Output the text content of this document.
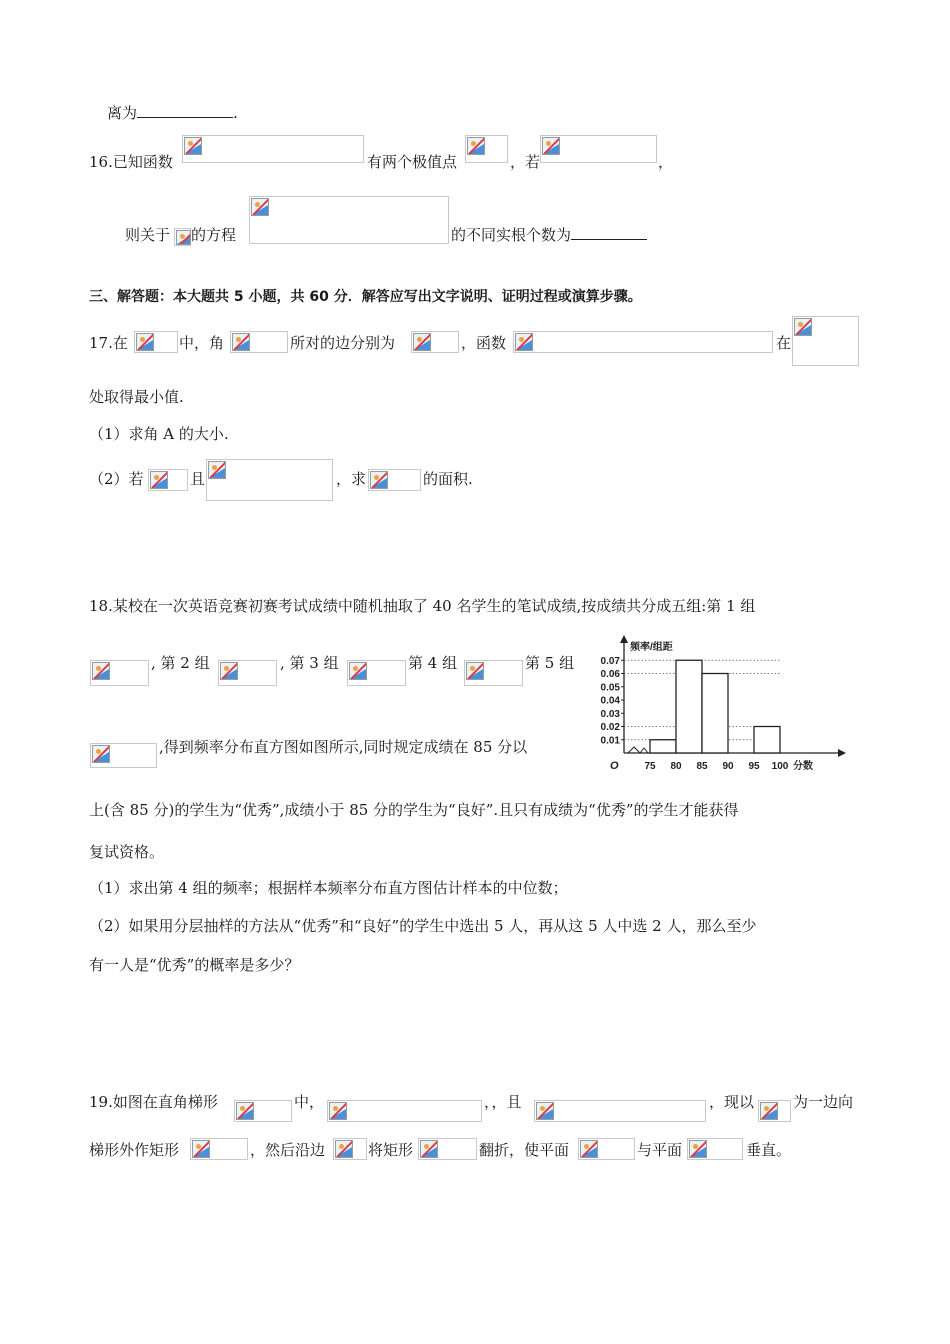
离为	.
16.已知函数	有两个极值点	，若	，
则关于 的方程	的不同实根个数为
三、解答题：本大题共 5 小题，共 60 分．解答应写出文字说明、证明过程或演算步骤。
17.在	中，角	所对的边分别为	，函数	在
处取得最小值.
（1）求角 A 的大小.
（2）若	且	，求	的面积.
18.某校在一次英语竞赛初赛考试成绩中随机抽取了 40 名学生的笔试成绩,按成绩共分成五组:第 1 组
, 第 2 组	, 第 3 组	第 4 组	第 5 组
,得到频率分布直方图如图所示,同时规定成绩在 85 分以	0.01
0.02
0.03
0.04
0.05
0.06
0.07
75 80 85 90 95 100 分数
O
频率/组距
上(含 85 分)的学生为“优秀”,成绩小于 85 分的学生为“良好”.且只有成绩为“优秀”的学生才能获得
复试资格。
（1）求出第 4 组的频率；根据样本频率分布直方图估计样本的中位数；
（2）如果用分层抽样的方法从“优秀”和“良好”的学生中选出 5 人，再从这 5 人中选 2 人，那么至少
有一人是“优秀”的概率是多少？
19.如图在直角梯形	中，	，，且	，现以	为一边向
梯形外作矩形	，然后沿边	将矩形	翻折，使平面	与平面	垂直。
